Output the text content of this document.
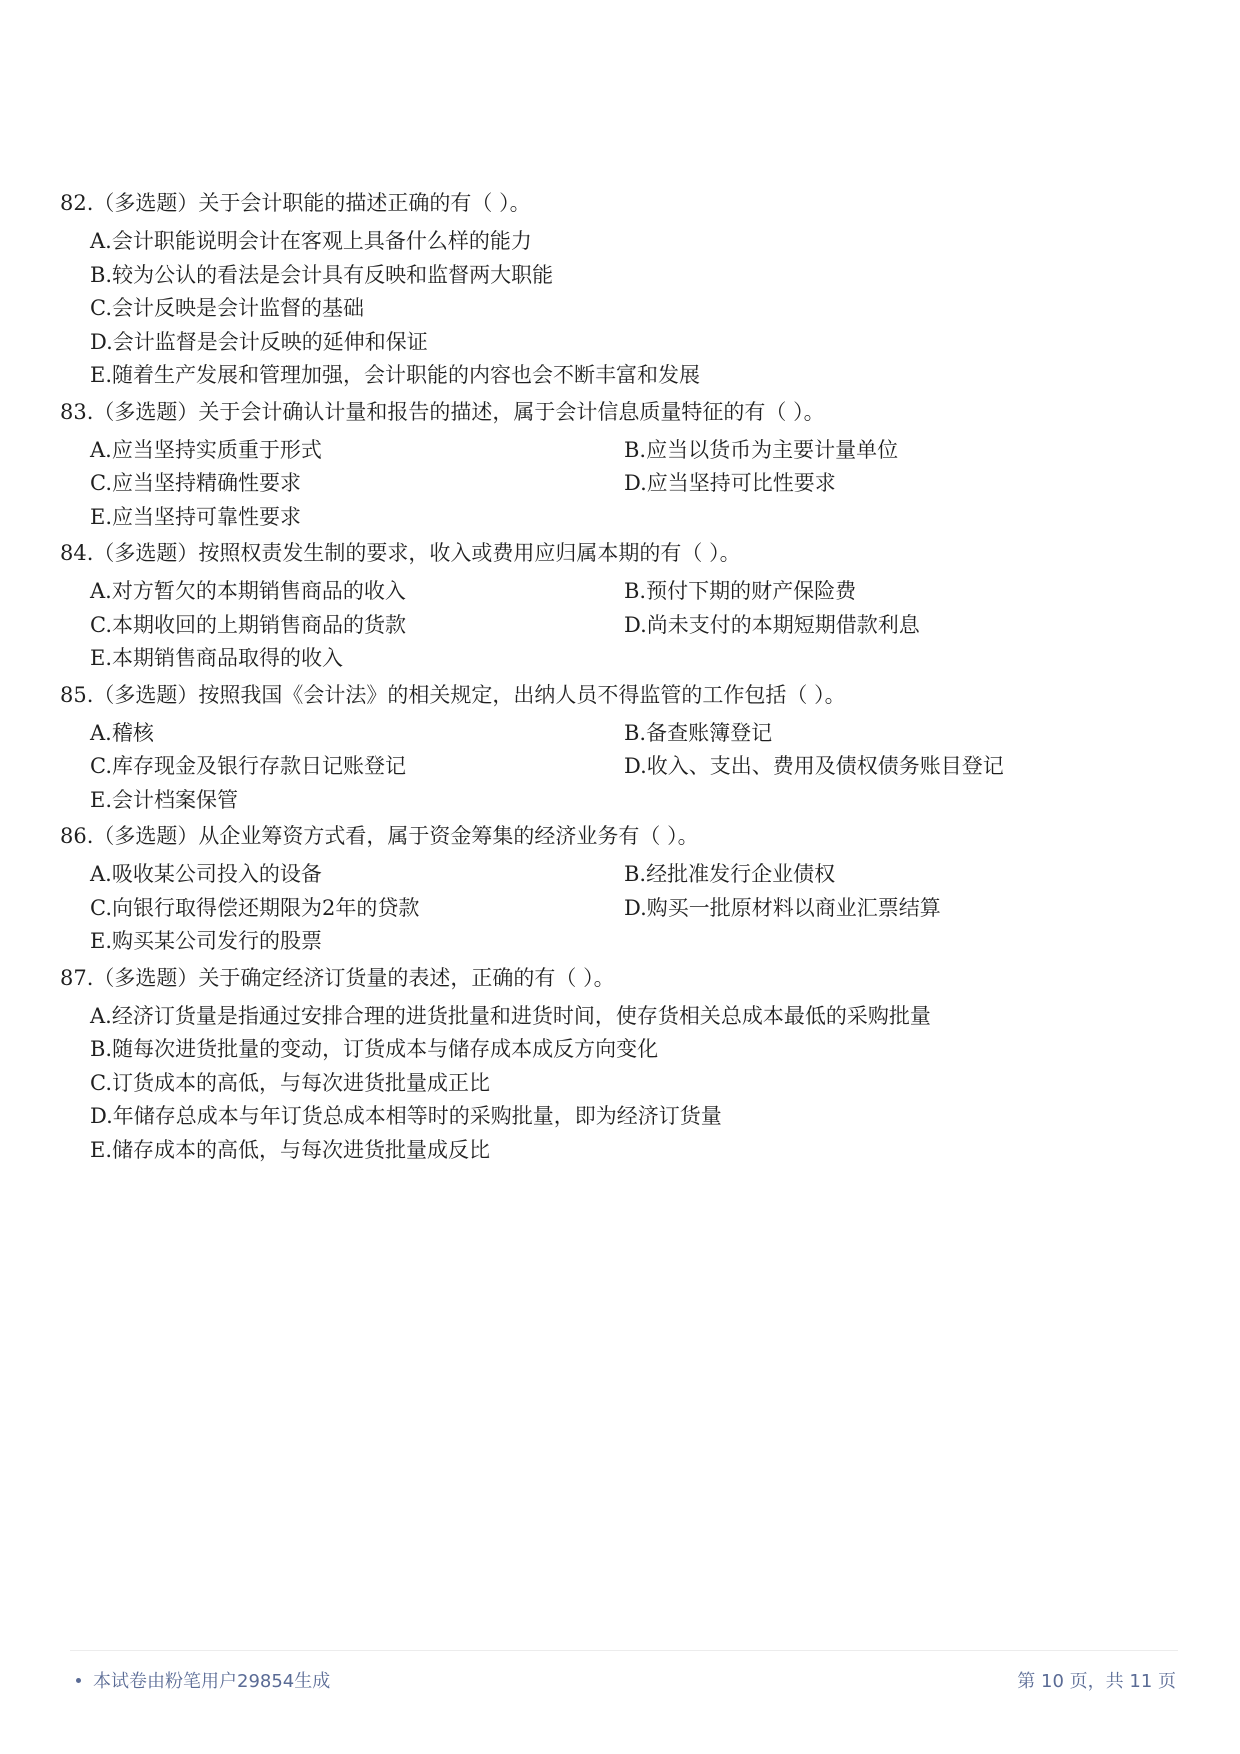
82.（多选题）关于会计职能的描述正确的有（ ）。
A.会计职能说明会计在客观上具备什么样的能力
B.较为公认的看法是会计具有反映和监督两大职能
C.会计反映是会计监督的基础
D.会计监督是会计反映的延伸和保证
E.随着生产发展和管理加强，会计职能的内容也会不断丰富和发展
83.（多选题）关于会计确认计量和报告的描述，属于会计信息质量特征的有（ ）。
A.应当坚持实质重于形式	B.应当以货币为主要计量单位
C.应当坚持精确性要求	D.应当坚持可比性要求
E.应当坚持可靠性要求
84.（多选题）按照权责发生制的要求，收入或费用应归属本期的有（ ）。
A.对方暂欠的本期销售商品的收入	B.预付下期的财产保险费
C.本期收回的上期销售商品的货款	D.尚未支付的本期短期借款利息
E.本期销售商品取得的收入
85.（多选题）按照我国《会计法》的相关规定，出纳人员不得监管的工作包括（ ）。
A.稽核	B.备查账簿登记
C.库存现金及银行存款日记账登记	D.收入、支出、费用及债权债务账目登记
E.会计档案保管
86.（多选题）从企业筹资方式看，属于资金筹集的经济业务有（ ）。
A.吸收某公司投入的设备	B.经批准发行企业债权
C.向银行取得偿还期限为2年的贷款	D.购买一批原材料以商业汇票结算
E.购买某公司发行的股票
87.（多选题）关于确定经济订货量的表述，正确的有（ ）。
A.经济订货量是指通过安排合理的进货批量和进货时间，使存货相关总成本最低的采购批量
B.随每次进货批量的变动，订货成本与储存成本成反方向变化
C.订货成本的高低，与每次进货批量成正比
D.年储存总成本与年订货总成本相等时的采购批量，即为经济订货量
E.储存成本的高低，与每次进货批量成反比
本试卷由粉笔用户29854生成	第 10 页，共 11 页
